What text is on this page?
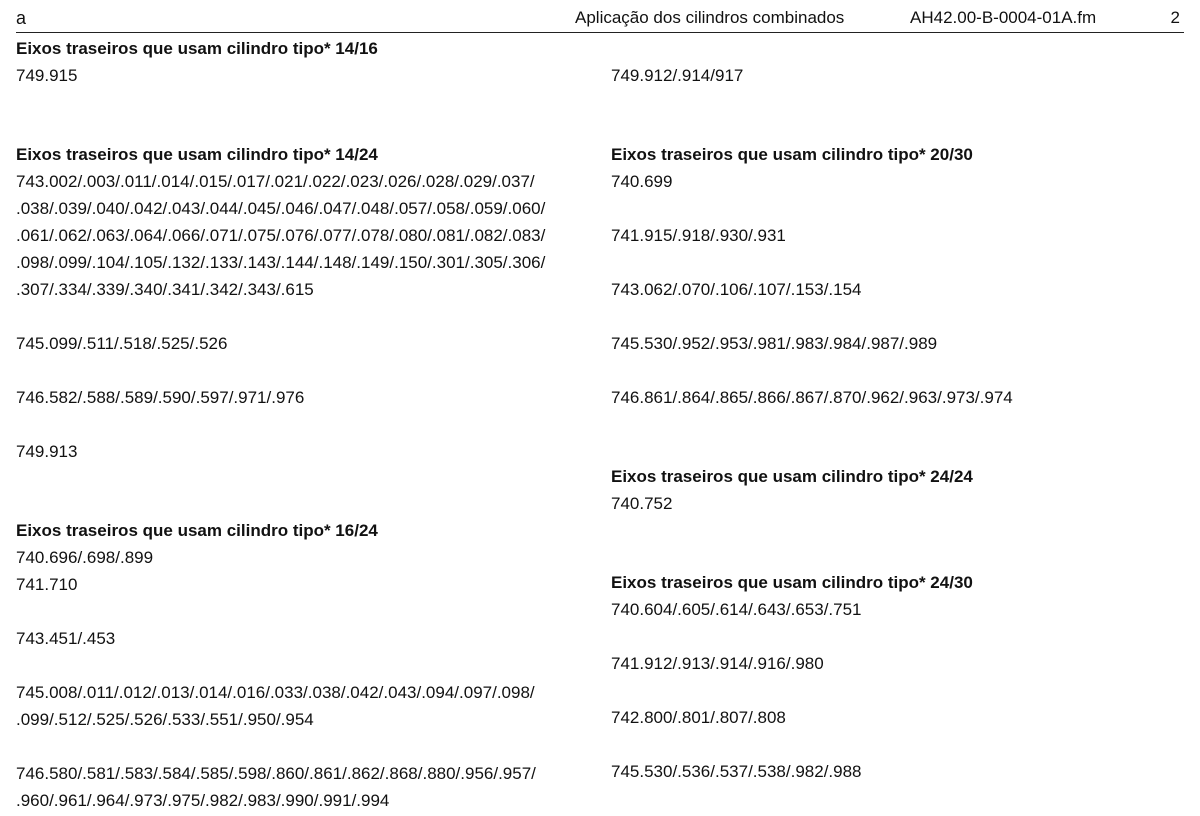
a	Aplicação dos cilindros combinados	AH42.00-B-0004-01A.fm	2
Eixos traseiros que usam cilindro tipo* 14/16
749.915
Eixos traseiros que usam cilindro tipo* 14/24
743.002/.003/.011/.014/.015/.017/.021/.022/.023/.026/.028/.029/.037/
.038/.039/.040/.042/.043/.044/.045/.046/.047/.048/.057/.058/.059/.060/
.061/.062/.063/.064/.066/.071/.075/.076/.077/.078/.080/.081/.082/.083/
.098/.099/.104/.105/.132/.133/.143/.144/.148/.149/.150/.301/.305/.306/
.307/.334/.339/.340/.341/.342/.343/.615
745.099/.511/.518/.525/.526
746.582/.588/.589/.590/.597/.971/.976
749.913
Eixos traseiros que usam cilindro tipo* 16/24
740.696/.698/.899
741.710
743.451/.453
745.008/.011/.012/.013/.014/.016/.033/.038/.042/.043/.094/.097/.098/
.099/.512/.525/.526/.533/.551/.950/.954
746.580/.581/.583/.584/.585/.598/.860/.861/.862/.868/.880/.956/.957/
.960/.961/.964/.973/.975/.982/.983/.990/.991/.994
749.912/.914/917
Eixos traseiros que usam cilindro tipo* 20/30
740.699
741.915/.918/.930/.931
743.062/.070/.106/.107/.153/.154
745.530/.952/.953/.981/.983/.984/.987/.989
746.861/.864/.865/.866/.867/.870/.962/.963/.973/.974
Eixos traseiros que usam cilindro tipo* 24/24
740.752
Eixos traseiros que usam cilindro tipo* 24/30
740.604/.605/.614/.643/.653/.751
741.912/.913/.914/.916/.980
742.800/.801/.807/.808
745.530/.536/.537/.538/.982/.988
